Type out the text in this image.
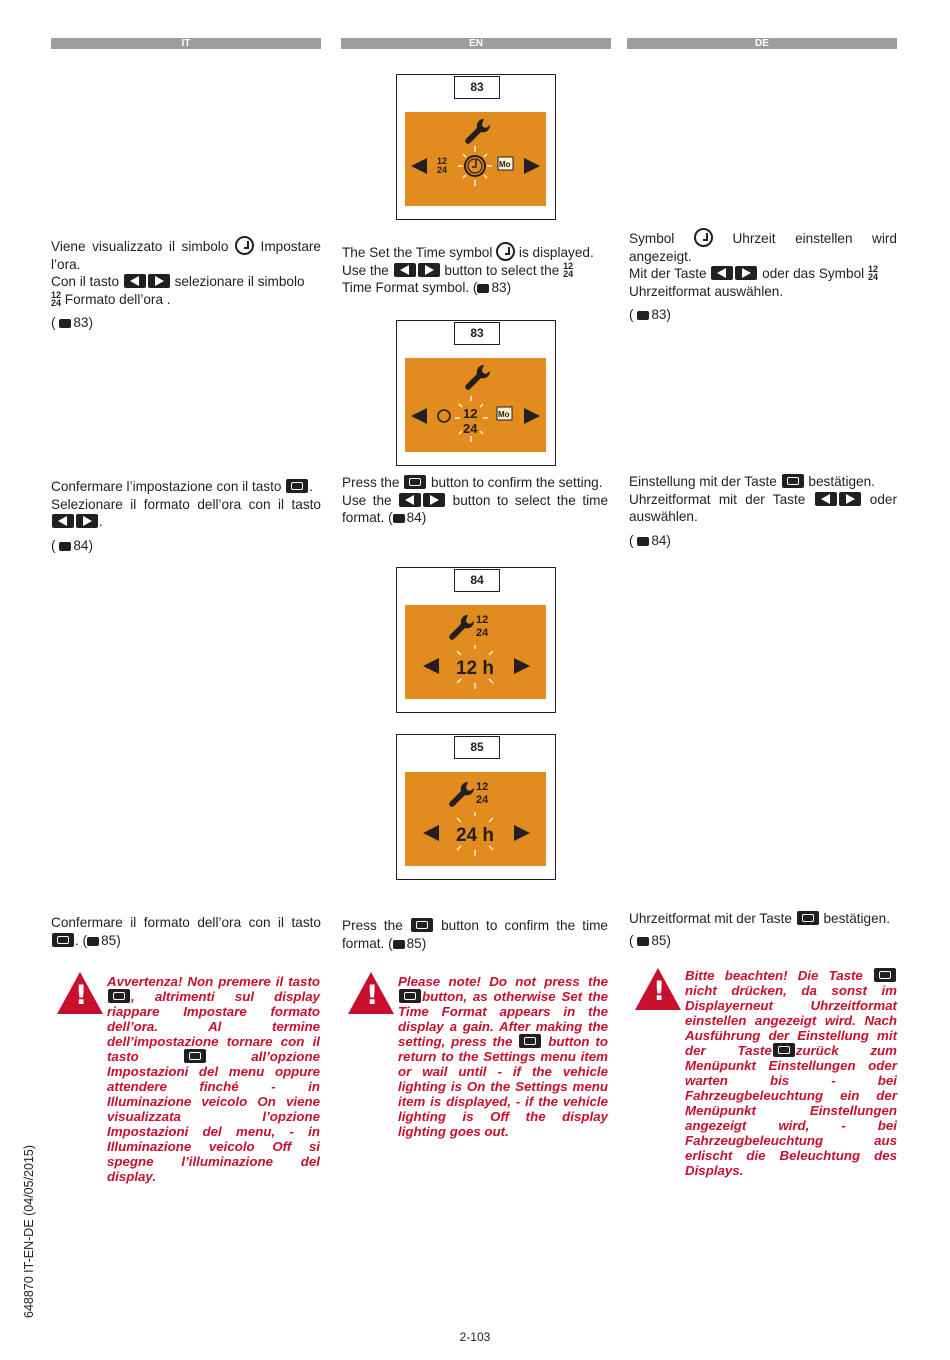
IT	EN	DE
83
12
24
Mo
83
12
24
Mo
84
12
24
12 h
85
12
24
24 h

Viene visualizzato il simbolo Impostare l’ora.

Con il tasto	selezionare il simbolo

12
24 Formato dell’ora .

( 83)

Confermare l’impostazione con il tasto .

Selezionare il formato dell’ora con il tasto .

( 84)

Confermare il formato dell’ora con il tasto . ( 85)

!

Avvertenza! Non premere il tasto , altrimenti sul display riappare Impostare formato dell’ora. Al termine dell’impostazione tornare con il tasto	all’opzione Impostazioni del menu oppure attendere finché - in Illuminazione veicolo On viene visualizzata l’opzione Impostazioni del menu, - in Illuminazione veicolo Off si spegne l’illuminazione del display.

The Set the Time symbol is displayed.

Use the	button to select the 12
24

Time Format symbol. ( 83)

Press the button to confirm the setting.

Use the	button to select the time format. ( 84)

Press the	button to confirm the time format. ( 85)

!

Please note! Do not press the button, as otherwise Set the Time Format appears in the display a gain. After making the setting, press the	button to return to the Settings menu item or wail until - if the vehicle lighting is On the Settings menu item is displayed, - if the vehicle lighting is Off the display lighting goes out.

Symbol	Uhrzeit einstellen wird angezeigt.

Mit der Taste	oder das Symbol 12
24

Uhrzeitformat auswählen.

( 83)

Einstellung mit der Taste bestätigen.

Uhrzeitformat mit der Taste	oder auswählen.

( 84)

Uhrzeitformat mit der Taste bestätigen.

( 85)

!

Bitte beachten! Die Taste  nicht drücken, da sonst im Displayerneut Uhrzeitformat einstellen angezeigt wird. Nach Ausführung der Einstellung mit der Taste zurück zum Menüpunkt Einstellungen oder warten bis - bei Fahrzeugbeleuchtung ein der Menüpunkt Einstellungen angezeigt wird, - bei Fahrzeugbeleuchtung aus erlischt die Beleuchtung des Displays.

648870 IT-EN-DE (04/05/2015)
2-103
